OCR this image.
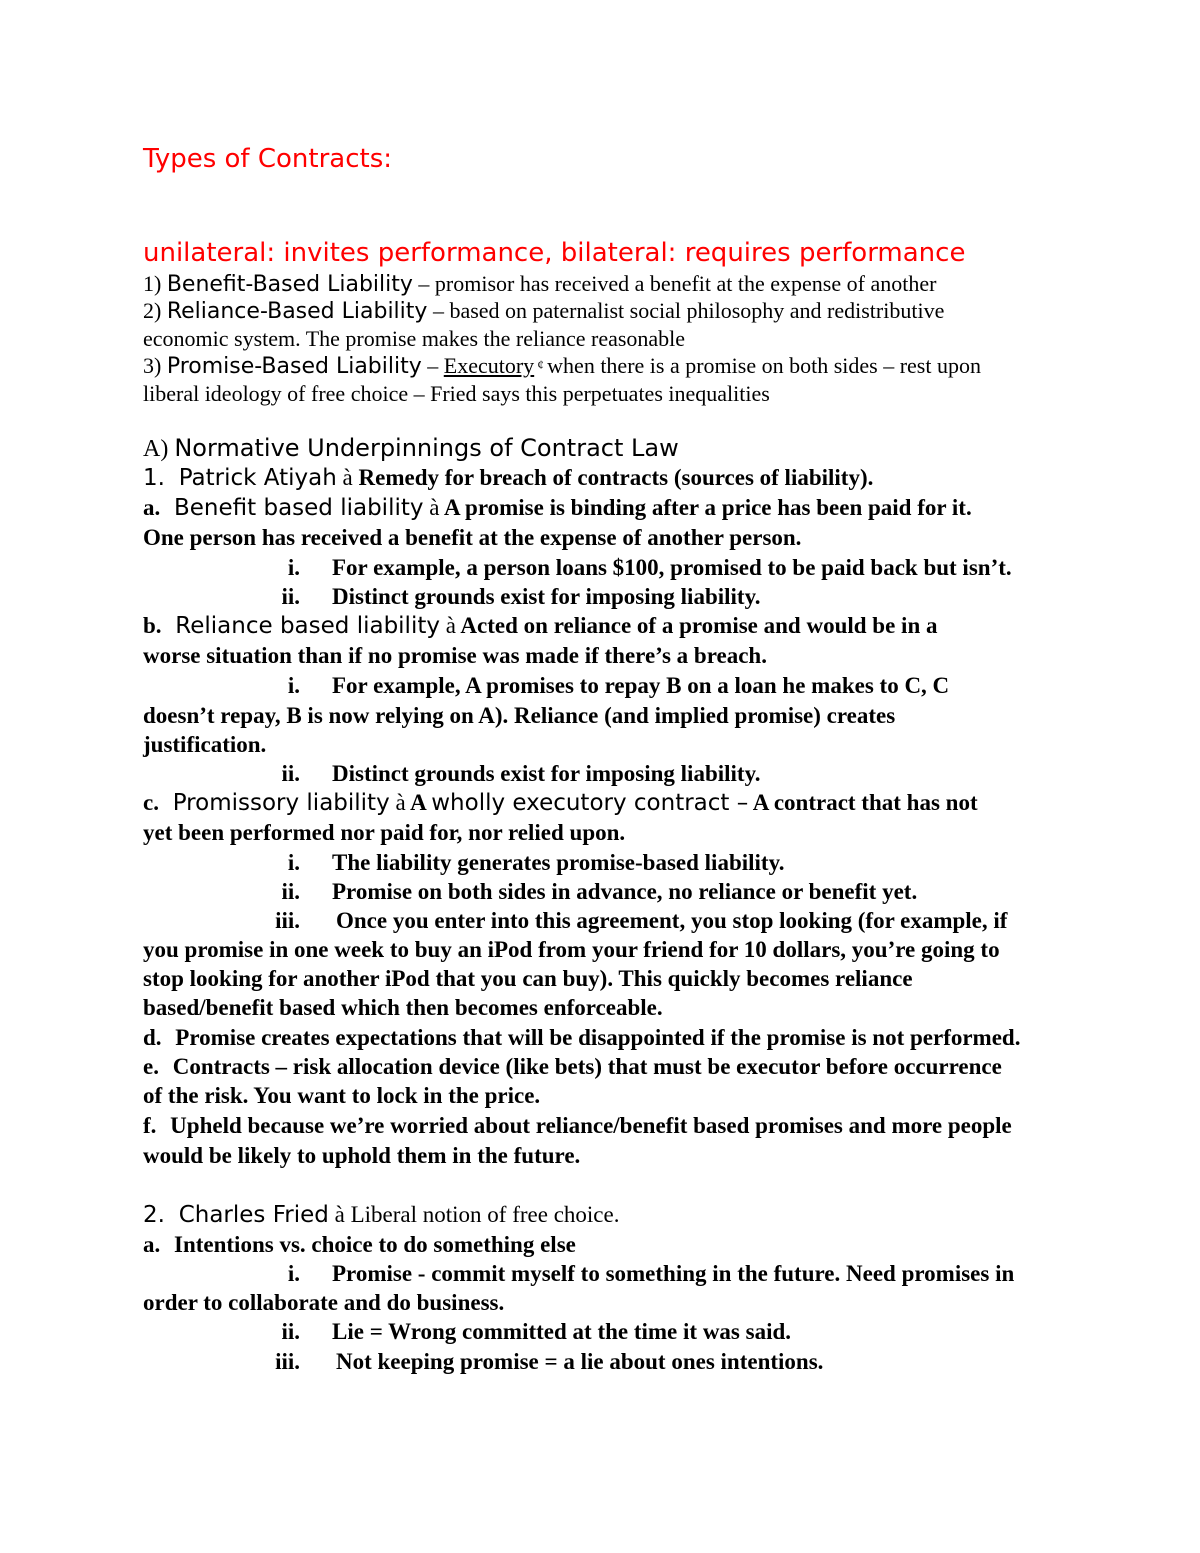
Types of Contracts:
unilateral: invites performance, bilateral: requires performance
1) Benefit-Based Liability – promisor has received a benefit at the expense of another
2) Reliance-Based Liability – based on paternalist social philosophy and redistributive
economic system. The promise makes the reliance reasonable
3) Promise-Based Liability – Executory ¢ when there is a promise on both sides – rest upon
liberal ideology of free choice – Fried says this perpetuates inequalities
A) Normative Underpinnings of Contract Law
1. Patrick Atiyah à Remedy for breach of contracts (sources of liability).
a. Benefit based liability à A promise is binding after a price has been paid for it.
One person has received a benefit at the expense of another person.
i. For example, a person loans $100, promised to be paid back but isn’t.
ii. Distinct grounds exist for imposing liability.
b. Reliance based liability à Acted on reliance of a promise and would be in a
worse situation than if no promise was made if there’s a breach.
i. For example, A promises to repay B on a loan he makes to C, C
doesn’t repay, B is now relying on A). Reliance (and implied promise) creates
justification.
ii. Distinct grounds exist for imposing liability.
c. Promissory liability à A wholly executory contract – A contract that has not
yet been performed nor paid for, nor relied upon.
i. The liability generates promise-based liability.
ii. Promise on both sides in advance, no reliance or benefit yet.
iii. Once you enter into this agreement, you stop looking (for example, if
you promise in one week to buy an iPod from your friend for 10 dollars, you’re going to
stop looking for another iPod that you can buy). This quickly becomes reliance
based/benefit based which then becomes enforceable.
d. Promise creates expectations that will be disappointed if the promise is not performed.
e. Contracts – risk allocation device (like bets) that must be executor before occurrence
of the risk. You want to lock in the price.
f. Upheld because we’re worried about reliance/benefit based promises and more people
would be likely to uphold them in the future.
2. Charles Fried à Liberal notion of free choice.
a. Intentions vs. choice to do something else
i. Promise - commit myself to something in the future. Need promises in
order to collaborate and do business.
ii. Lie = Wrong committed at the time it was said.
iii. Not keeping promise = a lie about ones intentions.
